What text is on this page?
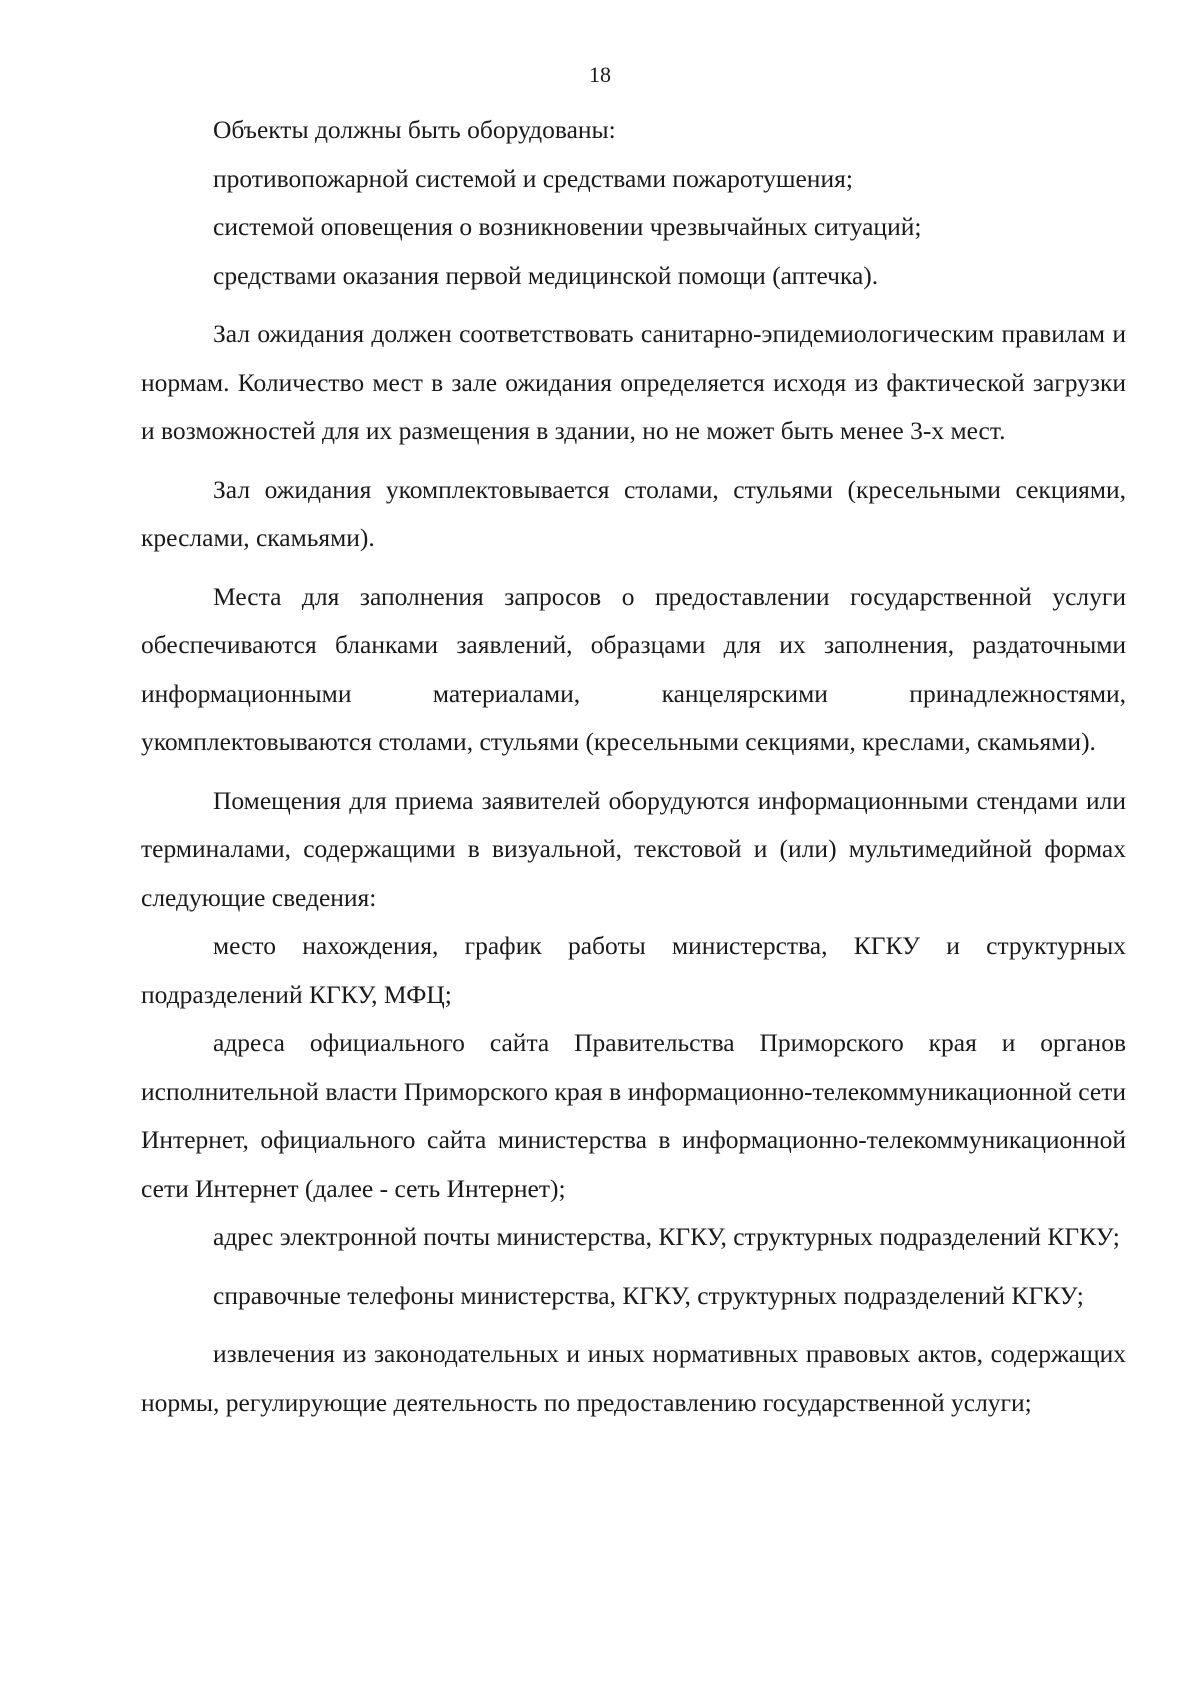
18

Объекты должны быть оборудованы:

противопожарной системой и средствами пожаротушения;

системой оповещения о возникновении чрезвычайных ситуаций;

средствами оказания первой медицинской помощи (аптечка).

Зал ожидания должен соответствовать санитарно-эпидемиологическим правилам и нормам. Количество мест в зале ожидания определяется исходя из фактической загрузки и возможностей для их размещения в здании, но не может быть менее 3-х мест.

Зал ожидания укомплектовывается столами, стульями (кресельными секциями, креслами, скамьями).

Места для заполнения запросов о предоставлении государственной услуги обеспечиваются бланками заявлений, образцами для их заполнения, раздаточными информационными материалами, канцелярскими принадлежностями, укомплектовываются столами, стульями (кресельными секциями, креслами, скамьями).

Помещения для приема заявителей оборудуются информационными стендами или терминалами, содержащими в визуальной, текстовой и (или) мультимедийной формах следующие сведения:

место нахождения, график работы министерства, КГКУ и структурных подразделений КГКУ, МФЦ;

адреса официального сайта Правительства Приморского края и органов исполнительной власти Приморского края в информационно-телекоммуникационной сети Интернет, официального сайта министерства в информационно-телекоммуникационной сети Интернет (далее - сеть Интернет);

адрес электронной почты министерства, КГКУ, структурных подразделений КГКУ;

справочные телефоны министерства, КГКУ, структурных подразделений КГКУ;

извлечения из законодательных и иных нормативных правовых актов, содержащих нормы, регулирующие деятельность по предоставлению государственной услуги;
